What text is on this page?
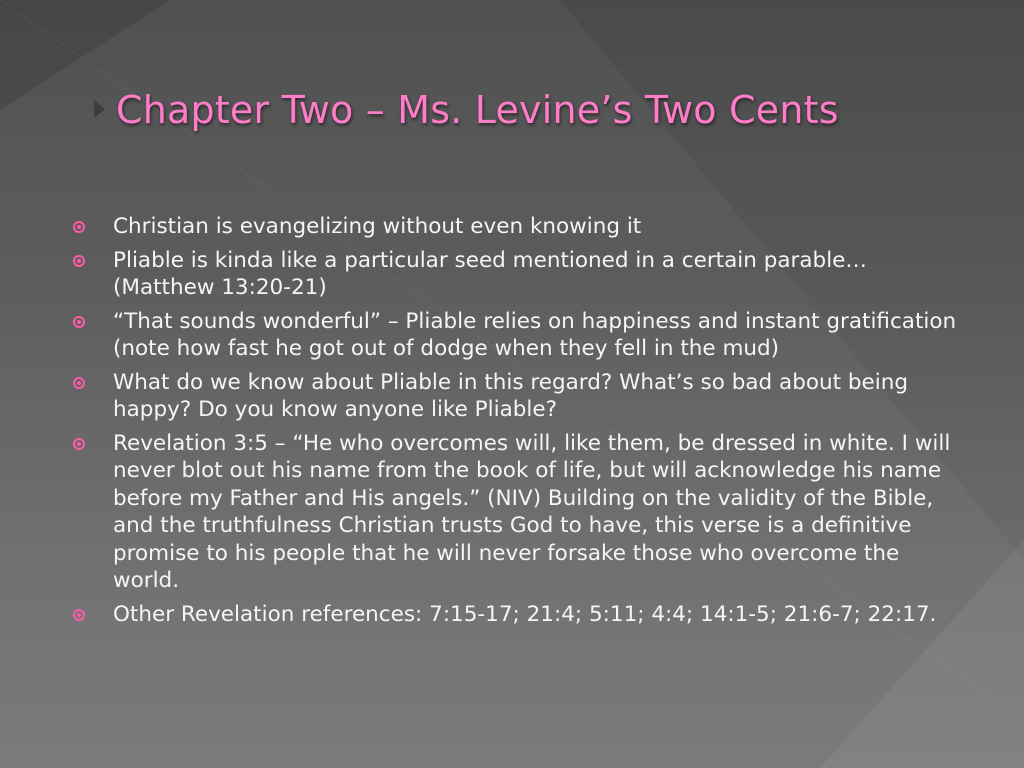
Chapter Two – Ms. Levine’s Two Cents
Christian is evangelizing without even knowing it
Pliable is kinda like a particular seed mentioned in a certain parable… (Matthew 13:20-21)
“That sounds wonderful” – Pliable relies on happiness and instant gratification (note how fast he got out of dodge when they fell in the mud)
What do we know about Pliable in this regard? What’s so bad about being happy? Do you know anyone like Pliable?
Revelation 3:5 – “He who overcomes will, like them, be dressed in white. I will never blot out his name from the book of life, but will acknowledge his name before my Father and His angels.” (NIV) Building on the validity of the Bible, and the truthfulness Christian trusts God to have, this verse is a definitive promise to his people that he will never forsake those who overcome the world.
Other Revelation references: 7:15-17; 21:4; 5:11; 4:4; 14:1-5; 21:6-7; 22:17.
